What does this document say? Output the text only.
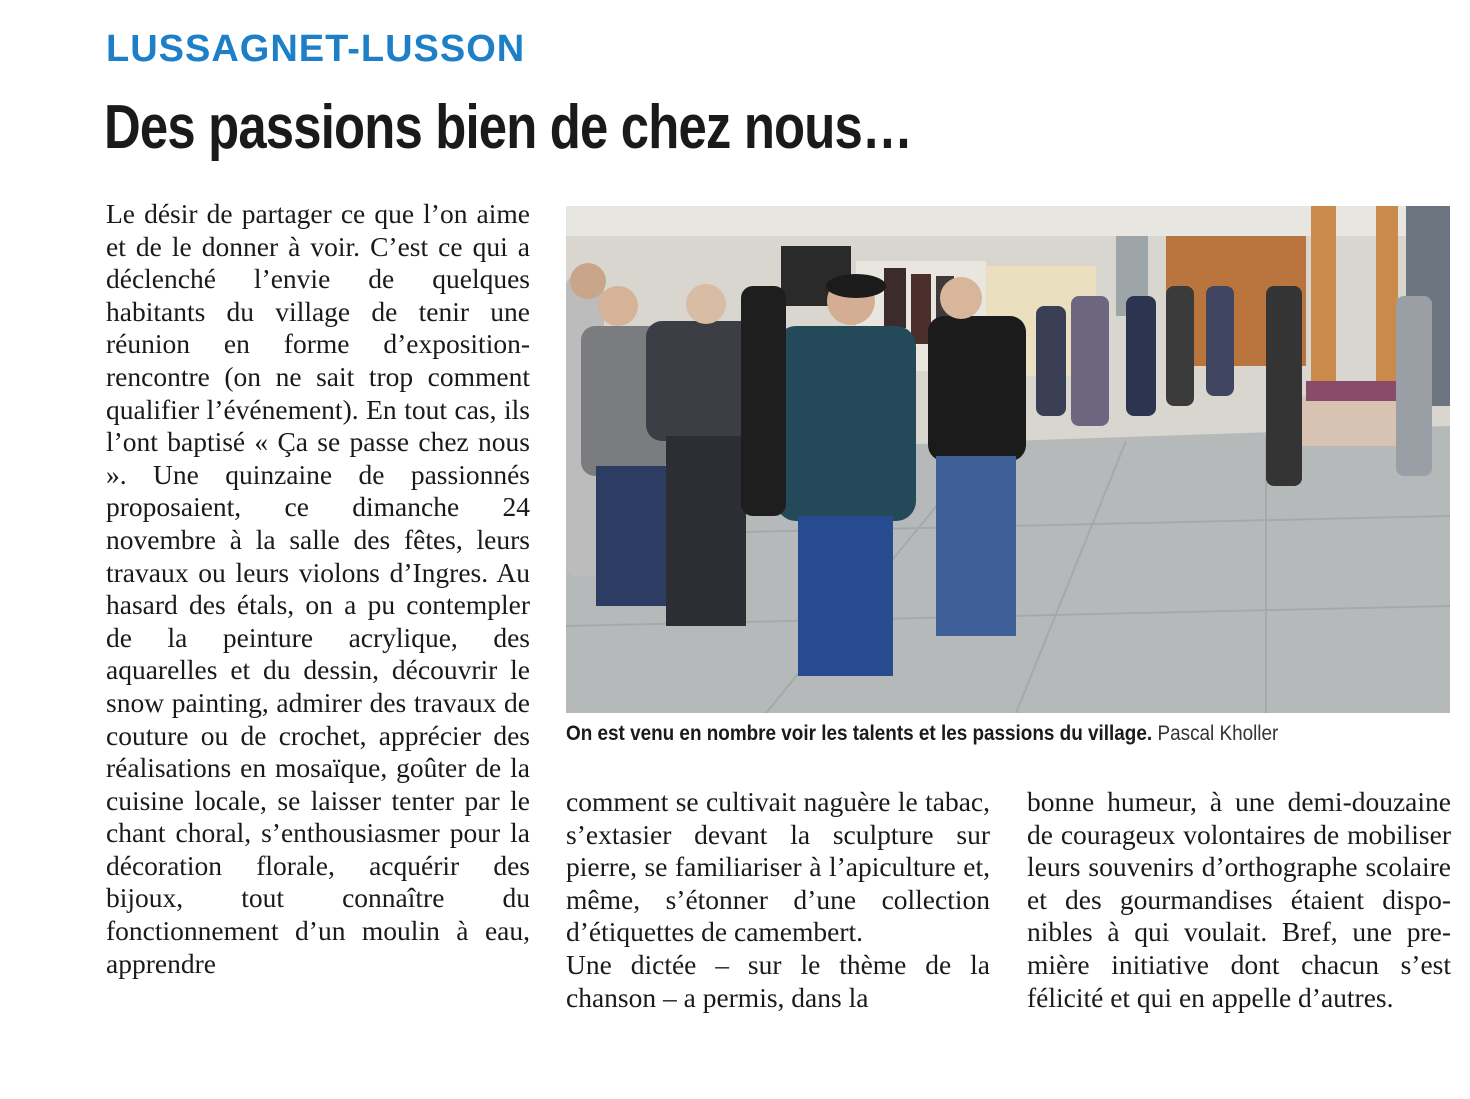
LUSSAGNET-LUSSON
Des passions bien de chez nous…

Le désir de partager ce que l’on aime et de le donner à voir. C’est ce qui a déclenché l’envie de quelques habitants du village de tenir une réunion en forme d’exposition-rencontre (on ne sait trop comment qualifier l’événement). En tout cas, ils l’ont baptisé « Ça se passe chez nous ». Une quinzaine de passionnés proposaient, ce dimanche 24 novembre à la salle des fêtes, leurs travaux ou leurs violons d’Ingres. Au hasard des étals, on a pu contempler de la peinture acrylique, des aquarelles et du dessin, découvrir le snow painting, admirer des travaux de couture ou de crochet, apprécier des réalisations en mosaïque, goûter de la cuisine locale, se laisser tenter par le chant choral, s’enthousiasmer pour la décoration florale, acquérir des bijoux, tout connaître du fonctionnement d’un moulin à eau, apprendre

On est venu en nombre voir les talents et les passions du village. Pascal Kholler

comment se cultivait naguère le tabac, s’extasier devant la sculpture sur pierre, se familiariser à l’apiculture et, même, s’étonner d’une collection d’étiquettes de camembert.

Une dictée – sur le thème de la chanson – a permis, dans la

bonne humeur, à une demi-douzaine de courageux volontaires de mobiliser leurs souvenirs d’orthographe scolaire et des gourmandises étaient disponibles à qui voulait. Bref, une première initiative dont chacun s’est félicité et qui en appelle d’autres.
